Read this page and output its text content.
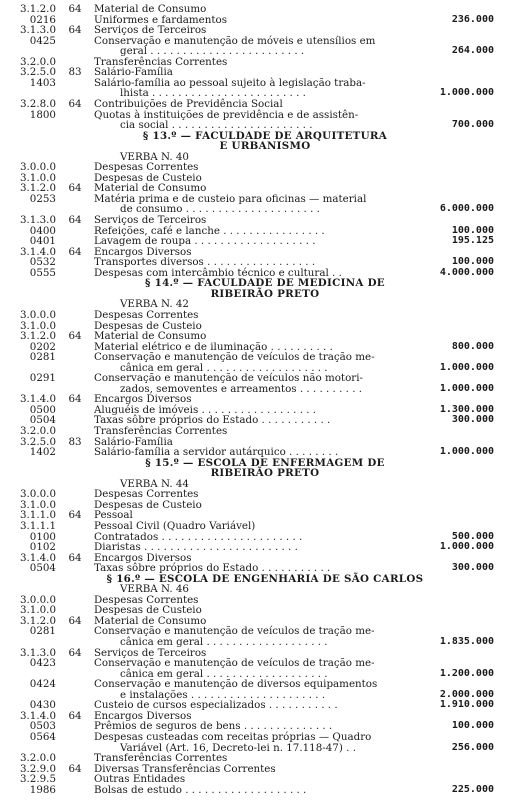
3.1.2.0	64	Material de Consumo
0216	Uniformes e fardamentos	236.000
3.1.3.0	64	Serviços de Terceiros
0425	Conservação e manutenção de móveis e utensílios em
geral . . . . . . . . . . . . . . . . . . . . . . . .	264.000
3.2.0.0	Transferências Correntes
3.2.5.0	83	Salário-Família
1403	Salário-família ao pessoal sujeito à legislação traba-
lhista . . . . . . . . . . . . . . . . . . . . . . . .	1.000.000
3.2.8.0	64	Contribuições de Previdência Social
1800	Quotas à instituições de previdência e de assistên-
cia social . . . . . . . . . . . . . . . . . . . . . .	700.000
§ 13.º — FACULDADE DE ARQUITETURA
E URBANISMO
VERBA N. 40
3.0.0.0	Despesas Correntes
3.1.0.0	Despesas de Custeio
3.1.2.0	64	Material de Consumo
0253	Matéria prima e de custeio para oficinas — material
de consumo . . . . . . . . . . . . . . . . . . . . .	6.000.000
3.1.3.0	64	Serviços de Terceiros
0400	Refeições, café e lanche . . . . . . . . . . . . . . . .	100.000
0401	Lavagem de roupa . . . . . . . . . . . . . . . . . . .	195.125
3.1.4.0	64	Encargos Diversos
0532	Transportes diversos . . . . . . . . . . . . . . . . .	100.000
0555	Despesas com intercâmbio técnico e cultural . .	4.000.000
§ 14.º — FACULDADE DE MEDICINA DE
RIBEIRÃO PRETO
VERBA N. 42
3.0.0.0	Despesas Correntes
3.1.0.0	Despesas de Custeio
3.1.2.0	64	Material de Consumo
0202	Material elétrico e de iluminação . . . . . . . . . .	800.000
0281	Conservação e manutenção de veículos de tração me-
cânica em geral . . . . . . . . . . . . . . . . . . .	1.000.000
0291	Conservação e manutenção de veículos não motori-
zados, semoventes e arreamentos . . . . . . . . . .	1.000.000
3.1.4.0	64	Encargos Diversos
0500	Aluguéis de imóveis . . . . . . . . . . . . . . . . . .	1.300.000
0504	Taxas sôbre próprios do Estado . . . . . . . . . . .	300.000
3.2.0.0	Transferências Correntes
3.2.5.0	83	Salário-Família
1402	Salário-família a servidor autárquico . . . . . . . .	1.000.000
§ 15.º — ESCOLA DE ENFERMAGEM DE
RIBEIRÃO PRETO
VERBA N. 44
3.0.0.0	Despesas Correntes
3.1.0.0	Despesas de Custeio
3.1.1.0	64	Pessoal
3.1.1.1	Pessoal Civil (Quadro Variável)
0100	Contratados . . . . . . . . . . . . . . . . . . . . . .	500.000
0102	Diaristas . . . . . . . . . . . . . . . . . . . . . . . .	1.000.000
3.1.4.0	64	Encargos Diversos
0504	Taxas sôbre próprios do Estado . . . . . . . . . . .	300.000
§ 16.º — ESCOLA DE ENGENHARIA DE SÃO CARLOS
VERBA N. 46
3.0.0.0	Despesas Correntes
3.1.0.0	Despesas de Custeio
3.1.2.0	64	Material de Consumo
0281	Conservação e manutenção de veículos de tração me-
cânica em geral . . . . . . . . . . . . . . . . . . .	1.835.000
3.1.3.0	64	Serviços de Terceiros
0423	Conservação e manutenção de veículos de tração me-
cânica em geral . . . . . . . . . . . . . . . . . . .	1.200.000
0424	Conservação e manutenção de diversos equipamentos
e instalações . . . . . . . . . . . . . . . . . . . . .	2.000.000
0430	Custeio de cursos especializados . . . . . . . . . . .	1.910.000
3.1.4.0	64	Encargos Diversos
0503	Prêmios de seguros de bens . . . . . . . . . . . . . .	100.000
0564	Despesas custeadas com receitas próprias — Quadro
Variável (Art. 16, Decreto-lei n. 17.118-47) . .	256.000
3.2.0.0	Transferências Correntes
3.2.9.0	64	Diversas Transferências Correntes
3.2.9.5	Outras Entidades
1986	Bolsas de estudo . . . . . . . . . . . . . . . . . . .	225.000
